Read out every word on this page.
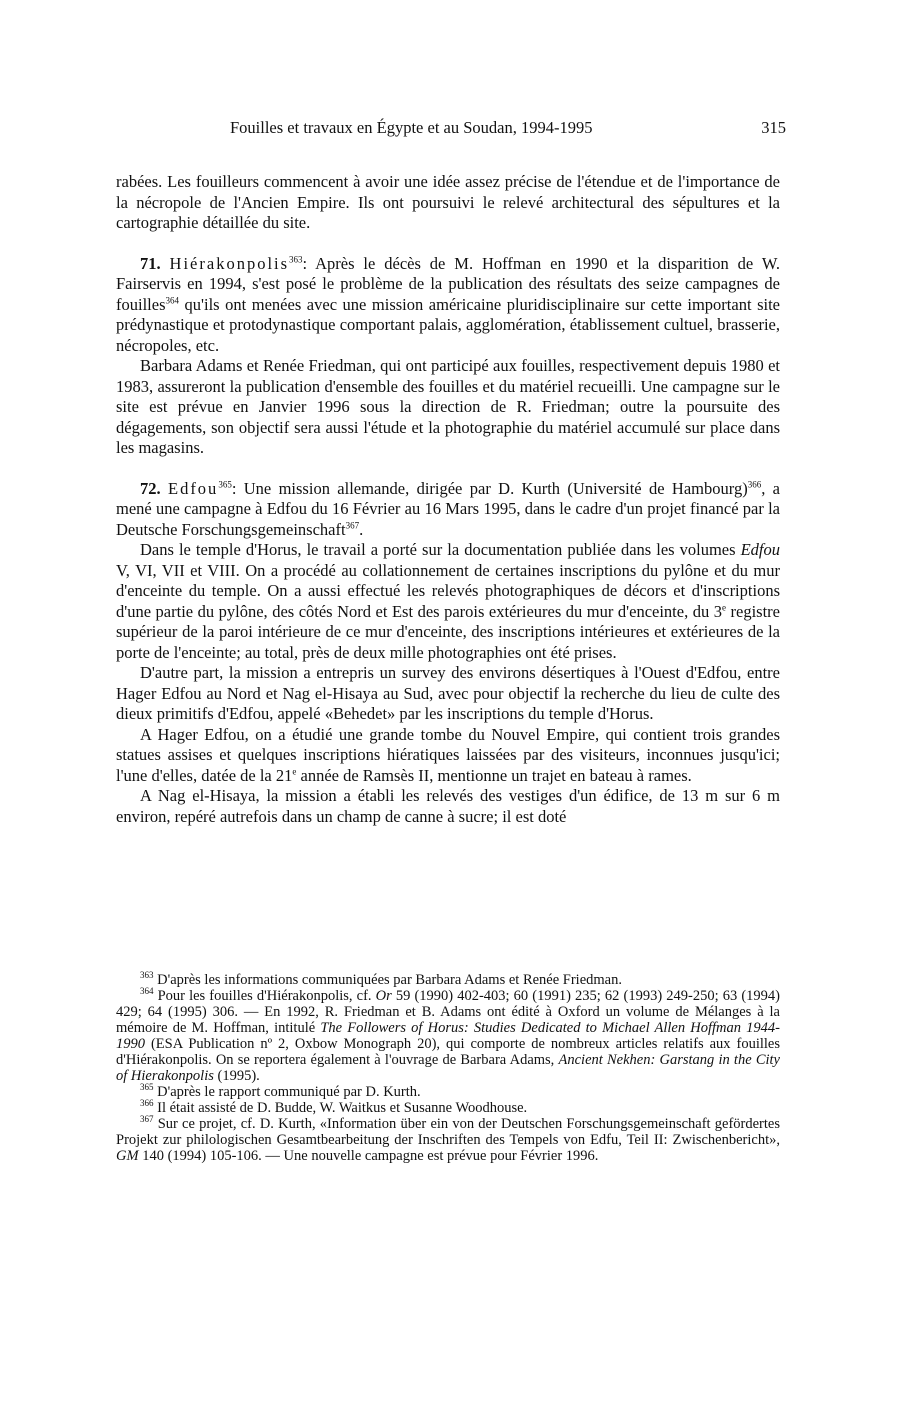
Fouilles et travaux en Égypte et au Soudan, 1994-1995	315

rabées. Les fouilleurs commencent à avoir une idée assez précise de l'étendue et de l'importance de la nécropole de l'Ancien Empire. Ils ont poursuivi le relevé architectural des sépultures et la cartographie détaillée du site.

71. Hiérakonpolis$^{363}$: Après le décès de M. Hoffman en 1990 et la disparition de W. Fairservis en 1994, s'est posé le problème de la publication des résultats des seize campagnes de fouilles$^{364}$ qu'ils ont menées avec une mission américaine pluridisciplinaire sur cette important site prédynastique et protodynastique comportant palais, agglomération, établissement cultuel, brasserie, nécropoles, etc.

Barbara Adams et Renée Friedman, qui ont participé aux fouilles, respectivement depuis 1980 et 1983, assureront la publication d'ensemble des fouilles et du matériel recueilli. Une campagne sur le site est prévue en Janvier 1996 sous la direction de R. Friedman; outre la poursuite des dégagements, son objectif sera aussi l'étude et la photographie du matériel accumulé sur place dans les magasins.

72. Edfou$^{365}$: Une mission allemande, dirigée par D. Kurth (Université de Hambourg)$^{366}$, a mené une campagne à Edfou du 16 Février au 16 Mars 1995, dans le cadre d'un projet financé par la Deutsche Forschungsgemeinschaft$^{367}$.

Dans le temple d'Horus, le travail a porté sur la documentation publiée dans les volumes Edfou V, VI, VII et VIII. On a procédé au collationnement de certaines inscriptions du pylône et du mur d'enceinte du temple. On a aussi effectué les relevés photographiques de décors et d'inscriptions d'une partie du pylône, des côtés Nord et Est des parois extérieures du mur d'enceinte, du 3e registre supérieur de la paroi intérieure de ce mur d'enceinte, des inscriptions intérieures et extérieures de la porte de l'enceinte; au total, près de deux mille photographies ont été prises.

D'autre part, la mission a entrepris un survey des environs désertiques à l'Ouest d'Edfou, entre Hager Edfou au Nord et Nag el-Hisaya au Sud, avec pour objectif la recherche du lieu de culte des dieux primitifs d'Edfou, appelé «Behedet» par les inscriptions du temple d'Horus.

A Hager Edfou, on a étudié une grande tombe du Nouvel Empire, qui contient trois grandes statues assises et quelques inscriptions hiératiques laissées par des visiteurs, inconnues jusqu'ici; l'une d'elles, datée de la 21e année de Ramsès II, mentionne un trajet en bateau à rames.

A Nag el-Hisaya, la mission a établi les relevés des vestiges d'un édifice, de 13 m sur 6 m environ, repéré autrefois dans un champ de canne à sucre; il est doté

$^{363}$ D'après les informations communiquées par Barbara Adams et Renée Friedman.

$^{364}$ Pour les fouilles d'Hiérakonpolis, cf. Or 59 (1990) 402-403; 60 (1991) 235; 62 (1993) 249-250; 63 (1994) 429; 64 (1995) 306. — En 1992, R. Friedman et B. Adams ont édité à Oxford un volume de Mélanges à la mémoire de M. Hoffman, intitulé The Followers of Horus: Studies Dedicated to Michael Allen Hoffman 1944-1990 (ESA Publication nº 2, Oxbow Monograph 20), qui comporte de nombreux articles relatifs aux fouilles d'Hiérakonpolis. On se reportera également à l'ouvrage de Barbara Adams, Ancient Nekhen: Garstang in the City of Hierakonpolis (1995).

$^{365}$ D'après le rapport communiqué par D. Kurth.

$^{366}$ Il était assisté de D. Budde, W. Waitkus et Susanne Woodhouse.

$^{367}$ Sur ce projet, cf. D. Kurth, «Information über ein von der Deutschen Forschungsgemeinschaft gefördertes Projekt zur philologischen Gesamtbearbeitung der Inschriften des Tempels von Edfu, Teil II: Zwischenbericht», GM 140 (1994) 105-106. — Une nouvelle campagne est prévue pour Février 1996.
